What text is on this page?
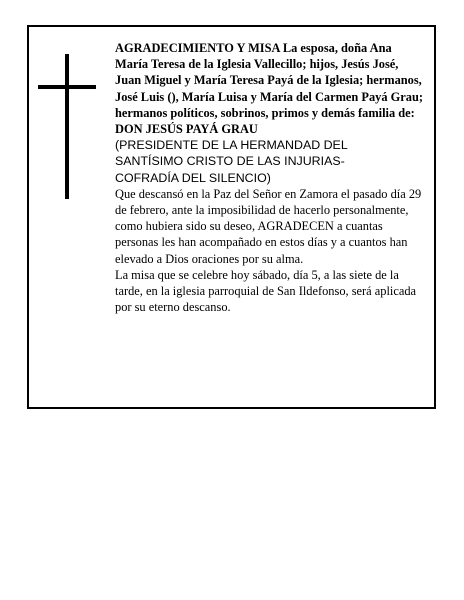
AGRADECIMIENTO Y MISA La esposa, doña Ana María Teresa de la Iglesia Vallecillo; hijos, Jesús José, Juan Miguel y María Teresa Payá de la Iglesia; hermanos, José Luis (), María Luisa y María del Carmen Payá Grau; hermanos políticos, sobrinos, primos y demás familia de:

DON JESÚS PAYÁ GRAU

(PRESIDENTE DE LA HERMANDAD DEL

SANTÍSIMO CRISTO DE LAS INJURIAS-

COFRADÍA DEL SILENCIO)

Que descansó en la Paz del Señor en Zamora el pasado día 29 de febrero, ante la imposibilidad de hacerlo personalmente, como hubiera sido su deseo, AGRADECEN a cuantas personas les han acompañado en estos días y a cuantos han elevado a Dios oraciones por su alma.

La misa que se celebre hoy sábado, día 5, a las siete de la tarde, en la iglesia parroquial de San Ildefonso, será aplicada por su eterno descanso.
